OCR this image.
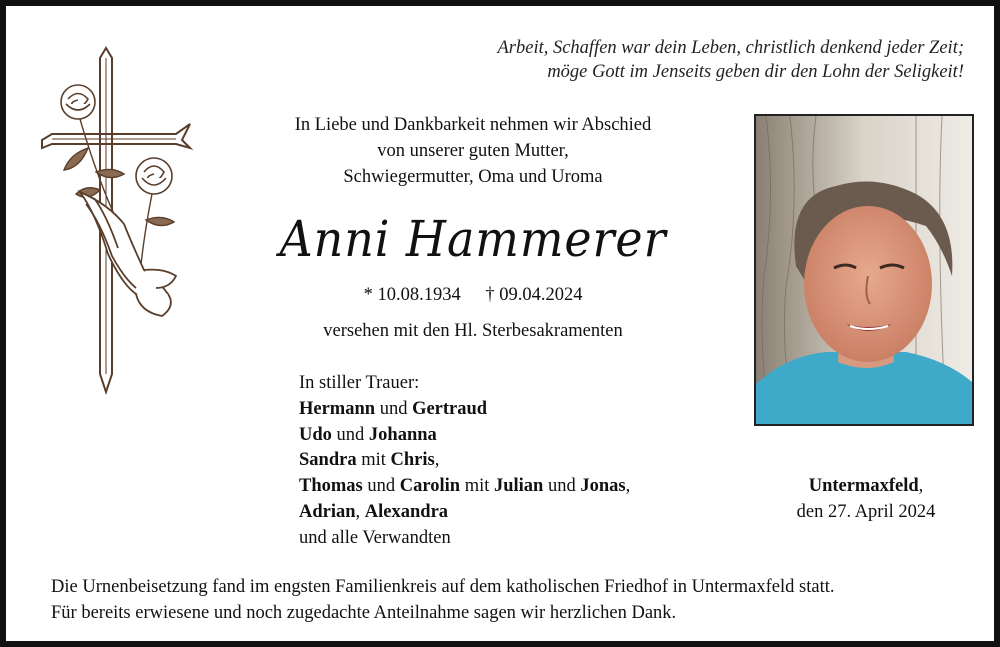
Arbeit, Schaffen war dein Leben, christlich denkend jeder Zeit;
möge Gott im Jenseits geben dir den Lohn der Seligkeit!
In Liebe und Dankbarkeit nehmen wir Abschied
von unserer guten Mutter,
Schwiegermutter, Oma und Uroma
Anni Hammerer
* 10.08.1934 † 09.04.2024
versehen mit den Hl. Sterbesakramenten
In stiller Trauer:
Hermann und Gertraud
Udo und Johanna
Sandra mit Chris,
Thomas und Carolin mit Julian und Jonas,
Adrian, Alexandra
und alle Verwandten
Untermaxfeld,
den 27. April 2024
Die Urnenbeisetzung fand im engsten Familienkreis auf dem katholischen Friedhof in Untermaxfeld statt.
Für bereits erwiesene und noch zugedachte Anteilnahme sagen wir herzlichen Dank.
